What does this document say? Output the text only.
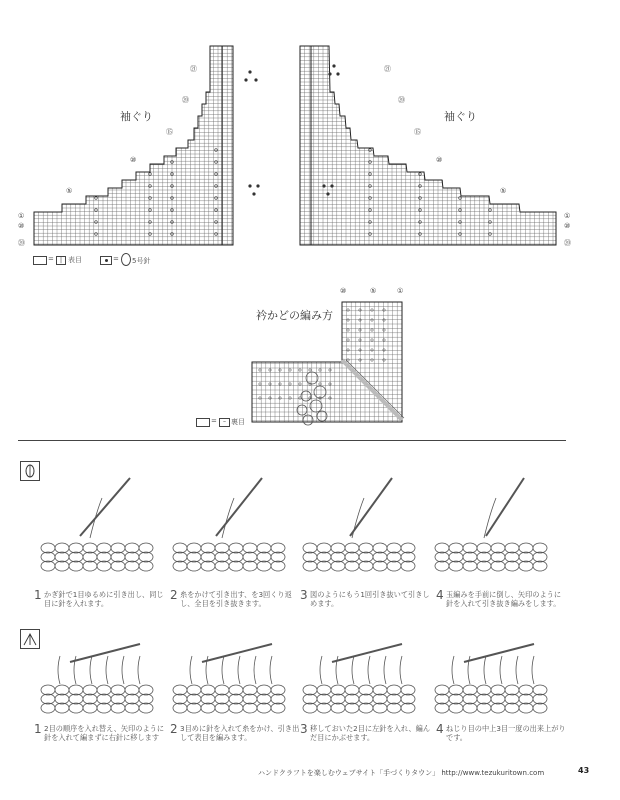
袖ぐり	袖ぐり
㉑
⑳
⑮
⑩
⑤
①
⑩
⑳
㉑
⑳
⑮
⑩
⑤
①
⑩
⑳
=	| 表目	= 5号針
衿かどの編み方
⑩	⑤	①
=	– 裏目
1 かぎ針で1目ゆるめに引き出し、同じ目に針を入れます。
2 糸をかけて引き出す、を3回くり返し、全目を引き抜きます。
3 図のようにもう1回引き抜いて引きしめます。
4 玉編みを手前に倒し、矢印のように針を入れて引き抜き編みをします。
1 2目の順序を入れ替え、矢印のように針を入れて編まずに右針に移します
2 3目めに針を入れて糸をかけ、引き出して表目を編みます。
3 移しておいた2目に左針を入れ、編んだ目にかぶせます。
4 ねじり目の中上3目一度の出来上がりです。
ハンドクラフトを楽しむウェブサイト「手づくりタウン」 http://www.tezukuritown.com	43
